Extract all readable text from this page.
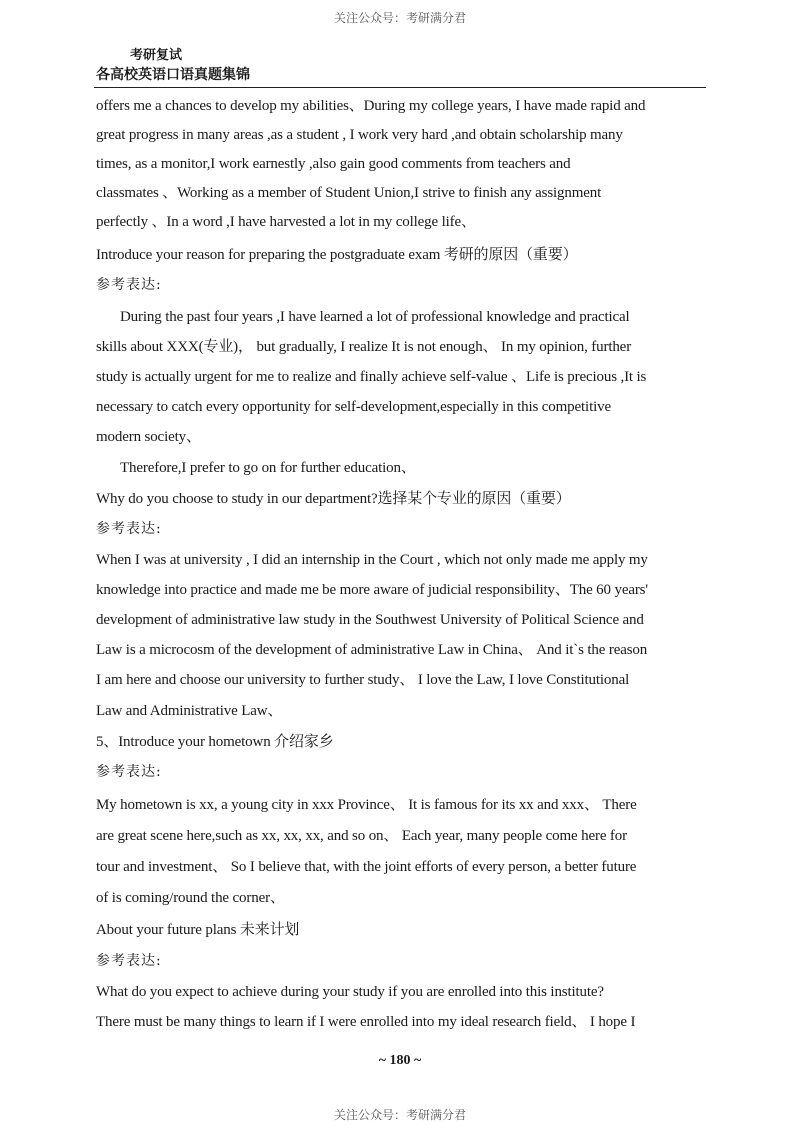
关注公众号：考研满分君
考研复试
各高校英语口语真题集锦
offers me a chances to develop my abilities、During my college years, I have made rapid and
great progress in many areas ,as a student , I work very hard ,and obtain scholarship many
times, as a monitor,I work earnestly ,also gain good comments from teachers and
classmates 、Working as a member of Student Union,I strive to finish any assignment
perfectly 、In a word ,I have harvested a lot in my college life、
Introduce your reason for preparing the postgraduate exam 考研的原因（重要）
参考表达:
During the past four years ,I have learned a lot of professional knowledge and practical
skills about XXX(专业)， but gradually, I realize It is not enough、 In my opinion, further
study is actually urgent for me to realize and finally achieve self-value 、Life is precious ,It is
necessary to catch every opportunity for self-development,especially in this competitive
modern society、
Therefore,I prefer to go on for further education、
Why do you choose to study in our department?选择某个专业的原因（重要）
参考表达:
When I was at university , I did an internship in the Court , which not only made me apply my
knowledge into practice and made me be more aware of judicial responsibility、The 60 years'
development of administrative law study in the Southwest University of Political Science and
Law is a microcosm of the development of administrative Law in China、 And it`s the reason
I am here and choose our university to further study、 I love the Law, I love Constitutional
Law and Administrative Law、
5、Introduce your hometown 介绍家乡
参考表达:
My hometown is xx, a young city in xxx Province、 It is famous for its xx and xxx、 There
are great scene here,such as xx, xx, xx, and so on、 Each year, many people come here for
tour and investment、 So I believe that, with the joint efforts of every person, a better future
of is coming/round the corner、
About your future plans 未来计划
参考表达:
What do you expect to achieve during your study if you are enrolled into this institute?
There must be many things to learn if I were enrolled into my ideal research field、 I hope I
~ 180 ~
关注公众号：考研满分君
